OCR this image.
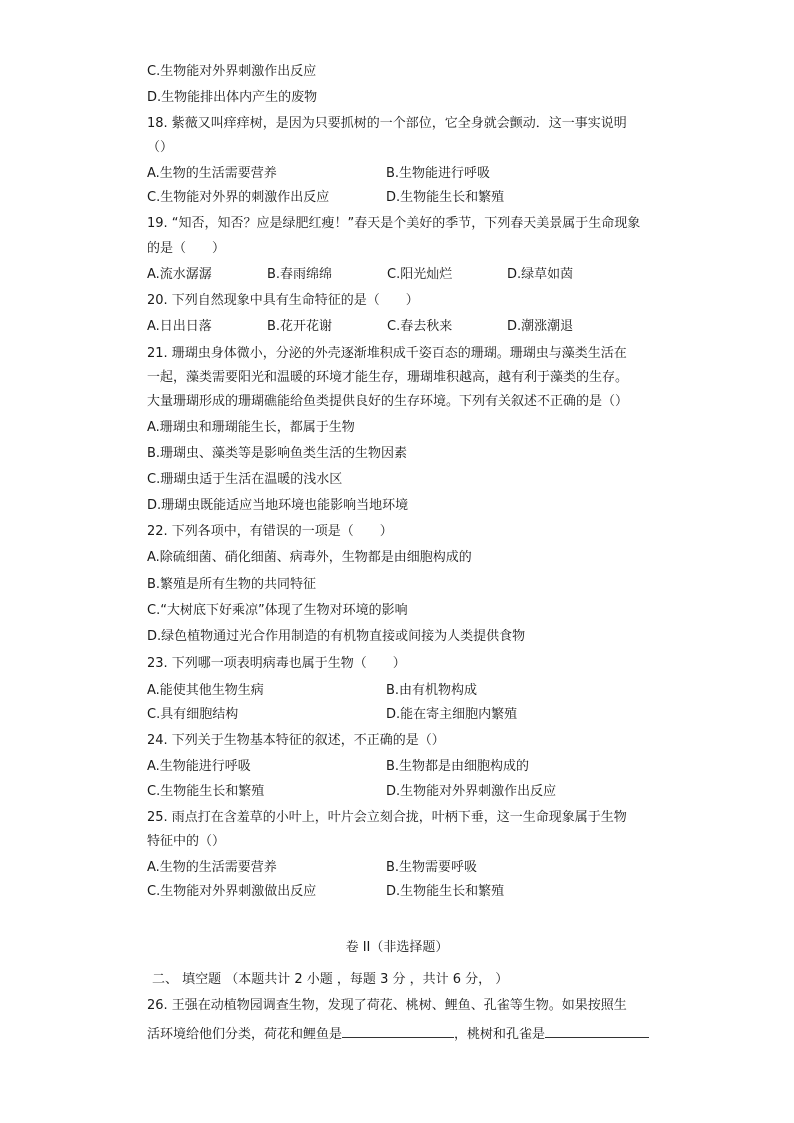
C.生物能对外界刺激作出反应
D.生物能排出体内产生的废物
18. 紫薇又叫痒痒树，是因为只要抓树的一个部位，它全身就会颤动．这一事实说明
（）
A.生物的生活需要营养	B.生物能进行呼吸
C.生物能对外界的刺激作出反应	D.生物能生长和繁殖
19. “知否，知否？应是绿肥红瘦！”春天是个美好的季节，下列春天美景属于生命现象
的是（　　）
A.流水潺潺	B.春雨绵绵	C.阳光灿烂	D.绿草如茵
20. 下列自然现象中具有生命特征的是（　　）
A.日出日落	B.花开花谢	C.春去秋来	D.潮涨潮退
21. 珊瑚虫身体微小，分泌的外壳逐渐堆积成千姿百态的珊瑚。珊瑚虫与藻类生活在
一起，藻类需要阳光和温暖的环境才能生存，珊瑚堆积越高，越有利于藻类的生存。
大量珊瑚形成的珊瑚礁能给鱼类提供良好的生存环境。下列有关叙述不正确的是（）
A.珊瑚虫和珊瑚能生长，都属于生物
B.珊瑚虫、藻类等是影响鱼类生活的生物因素
C.珊瑚虫适于生活在温暖的浅水区
D.珊瑚虫既能适应当地环境也能影响当地环境
22. 下列各项中，有错误的一项是（　　）
A.除硫细菌、硝化细菌、病毒外，生物都是由细胞构成的
B.繁殖是所有生物的共同特征
C.“大树底下好乘凉”体现了生物对环境的影响
D.绿色植物通过光合作用制造的有机物直接或间接为人类提供食物
23. 下列哪一项表明病毒也属于生物（　　）
A.能使其他生物生病	B.由有机物构成
C.具有细胞结构	D.能在寄主细胞内繁殖
24. 下列关于生物基本特征的叙述，不正确的是（）
A.生物能进行呼吸	B.生物都是由细胞构成的
C.生物能生长和繁殖	D.生物能对外界刺激作出反应
25. 雨点打在含羞草的小叶上，叶片会立刻合拢，叶柄下垂，这一生命现象属于生物
特征中的（）
A.生物的生活需要营养	B.生物需要呼吸
C.生物能对外界刺激做出反应	D.生物能生长和繁殖
卷 II（非选择题）
二、 填空题 （本题共计 2 小题 ，每题 3 分 ，共计 6 分， ）
26. 王强在动植物园调查生物，发现了荷花、桃树、鲤鱼、孔雀等生物。如果按照生
活环境给他们分类，荷花和鲤鱼是	，桃树和孔雀是
